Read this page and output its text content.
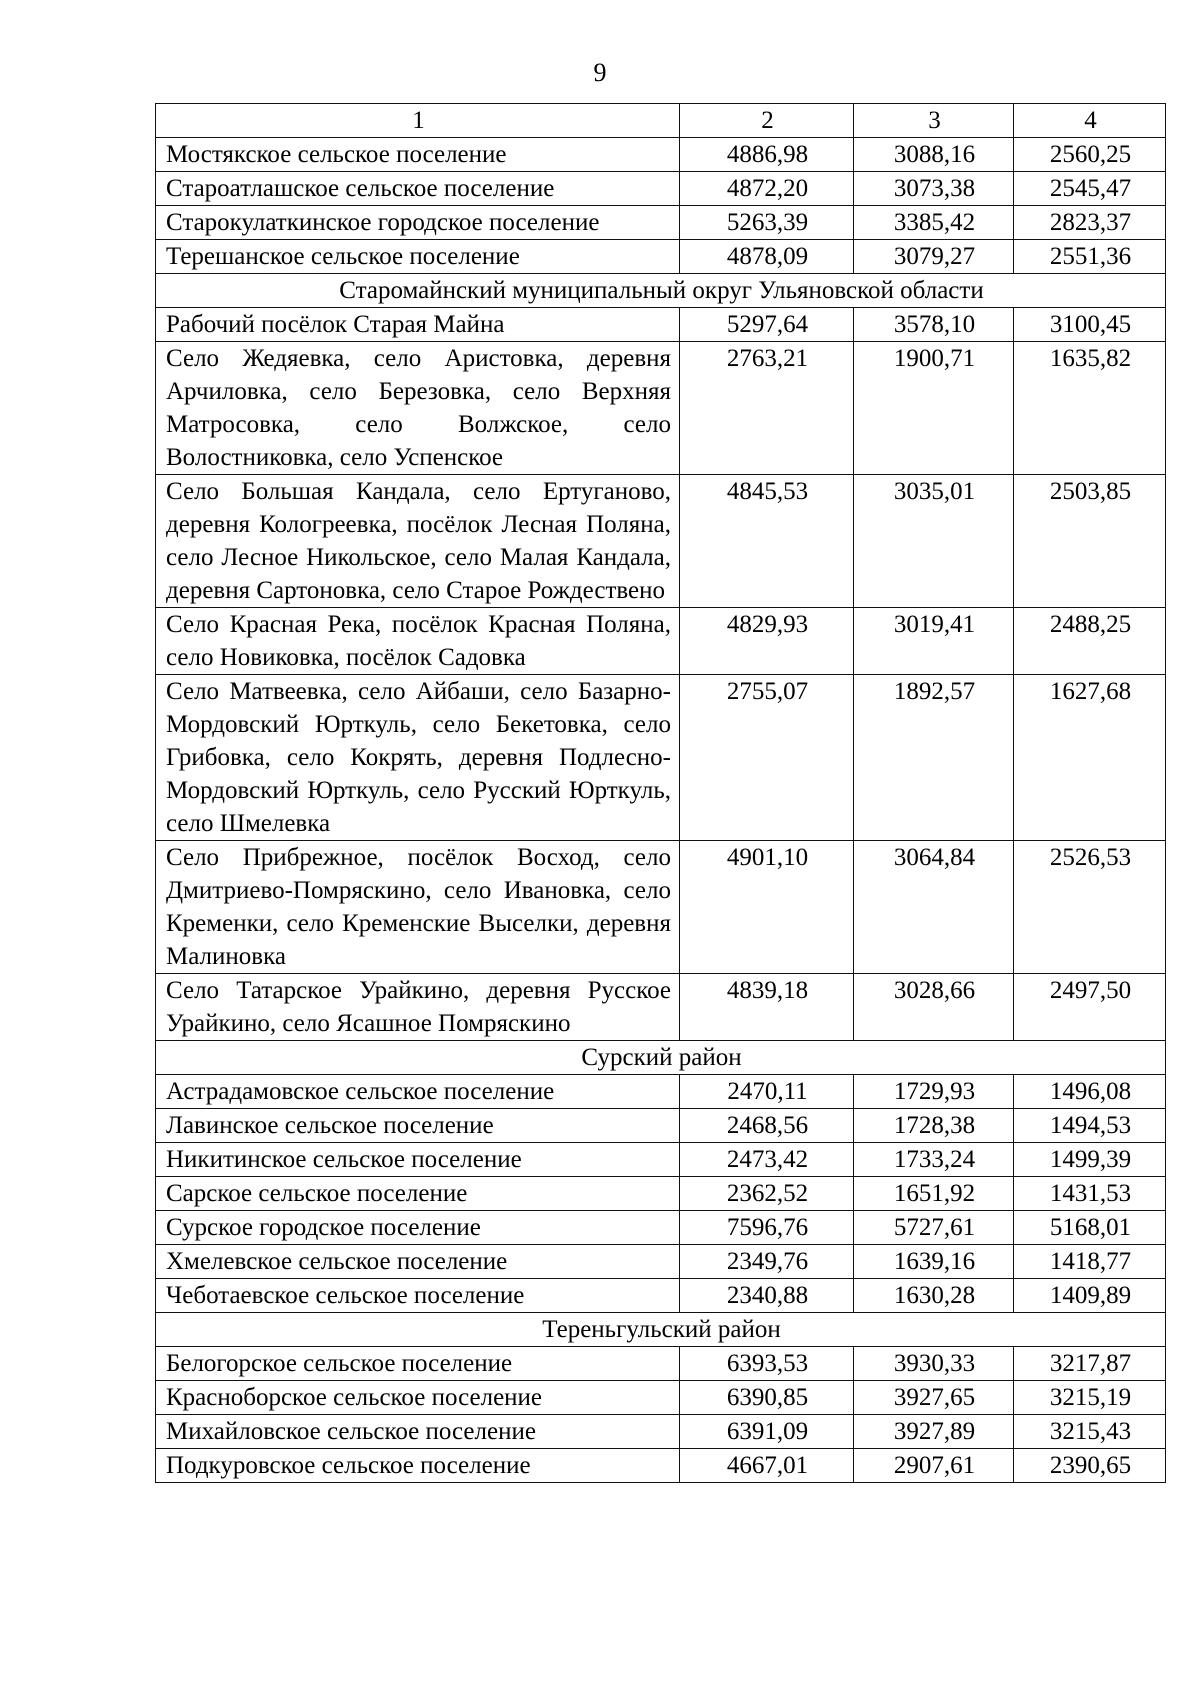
9
1	2	3	4
Мостякское сельское поселение	4886,98	3088,16	2560,25
Староатлашское сельское поселение	4872,20	3073,38	2545,47
Старокулаткинское городское поселение	5263,39	3385,42	2823,37
Терешанское сельское поселение	4878,09	3079,27	2551,36
Старомайнский муниципальный округ Ульяновской области			
Рабочий посёлок Старая Майна	5297,64	3578,10	3100,45
Село Жедяевка, село Аристовка, деревня Арчиловка, село Березовка, село Верхняя Матросовка, село Волжское, село Волостниковка, село Успенское	2763,21	1900,71	1635,82
Село Большая Кандала, село Ертуганово, деревня Кологреевка, посёлок Лесная Поляна, село Лесное Никольское, село Малая Кандала, деревня Сартоновка, село Старое Рождествено	4845,53	3035,01	2503,85
Село Красная Река, посёлок Красная Поляна, село Новиковка, посёлок Садовка	4829,93	3019,41	2488,25
Село Матвеевка, село Айбаши, село Базарно-Мордовский Юрткуль, село Бекетовка, село Грибовка, село Кокрять, деревня Подлесно-Мордовский Юрткуль, село Русский Юрткуль, село Шмелевка	2755,07	1892,57	1627,68
Село Прибрежное, посёлок Восход, село Дмитриево-Помряскино, село Ивановка, село Кременки, село Кременские Выселки, деревня Малиновка	4901,10	3064,84	2526,53
Село Татарское Урайкино, деревня Русское Урайкино, село Ясашное Помряскино	4839,18	3028,66	2497,50
Сурский район			
Астрадамовское сельское поселение	2470,11	1729,93	1496,08
Лавинское сельское поселение	2468,56	1728,38	1494,53
Никитинское сельское поселение	2473,42	1733,24	1499,39
Сарское сельское поселение	2362,52	1651,92	1431,53
Сурское городское поселение	7596,76	5727,61	5168,01
Хмелевское сельское поселение	2349,76	1639,16	1418,77
Чеботаевское сельское поселение	2340,88	1630,28	1409,89
Тереньгульский район			
Белогорское сельское поселение	6393,53	3930,33	3217,87
Красноборское сельское поселение	6390,85	3927,65	3215,19
Михайловское сельское поселение	6391,09	3927,89	3215,43
Подкуровское сельское поселение	4667,01	2907,61	2390,65
